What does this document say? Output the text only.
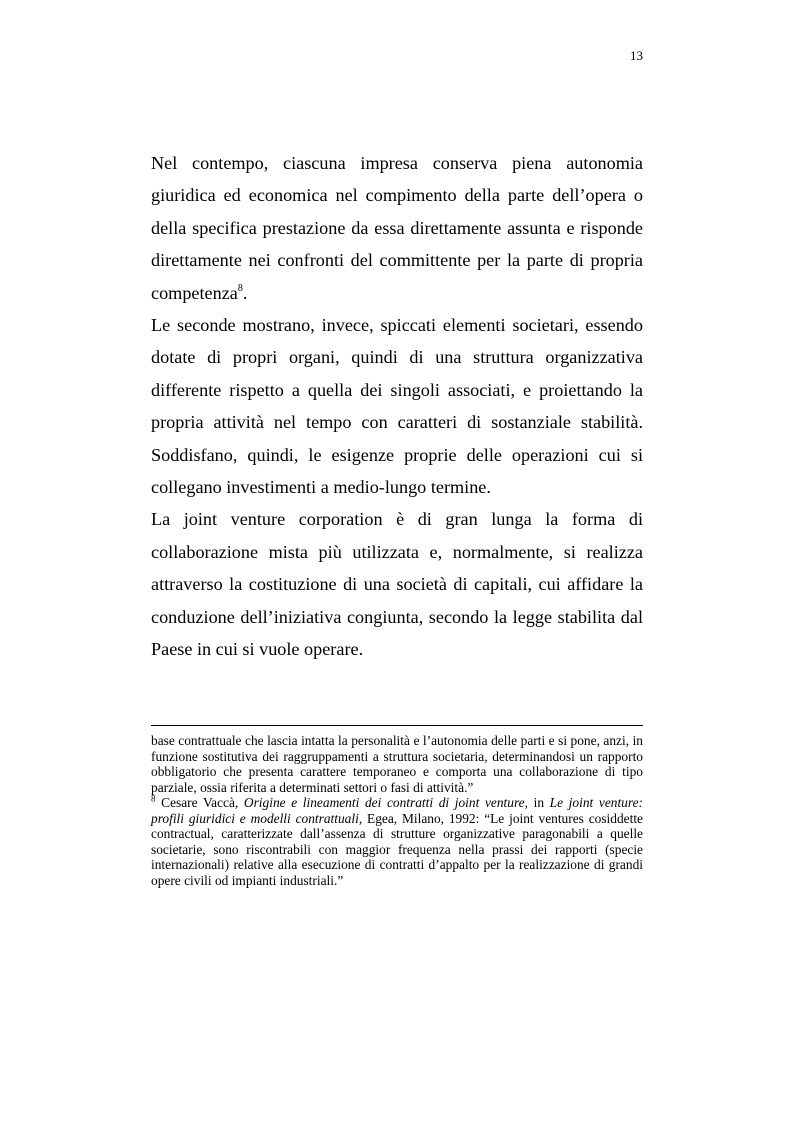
13

Nel contempo, ciascuna impresa conserva piena autonomia giuridica ed economica nel compimento della parte dell’opera o della specifica prestazione da essa direttamente assunta e risponde direttamente nei confronti del committente per la parte di propria competenza$^8$.

Le seconde mostrano, invece, spiccati elementi societari, essendo dotate di propri organi, quindi di una struttura organizzativa differente rispetto a quella dei singoli associati, e proiettando la propria attività nel tempo con caratteri di sostanziale stabilità. Soddisfano, quindi, le esigenze proprie delle operazioni cui si collegano investimenti a medio-lungo termine.

La joint venture corporation è di gran lunga la forma di collaborazione mista più utilizzata e, normalmente, si realizza attraverso la costituzione di una società di capitali, cui affidare la conduzione dell’iniziativa congiunta, secondo la legge stabilita dal Paese in cui si vuole operare.

base contrattuale che lascia intatta la personalità e l’autonomia delle parti e si pone, anzi, in funzione sostitutiva dei raggruppamenti a struttura societaria, determinandosi un rapporto obbligatorio che presenta carattere temporaneo e comporta una collaborazione di tipo parziale, ossia riferita a determinati settori o fasi di attività.”

$^8$ Cesare Vaccà, Origine e lineamenti dei contratti di joint venture, in Le joint venture: profili giuridici e modelli contrattuali, Egea, Milano, 1992: “Le joint ventures cosiddette contractual, caratterizzate dall’assenza di strutture organizzative paragonabili a quelle societarie, sono riscontrabili con maggior frequenza nella prassi dei rapporti (specie internazionali) relative alla esecuzione di contratti d’appalto per la realizzazione di grandi opere civili od impianti industriali.”
